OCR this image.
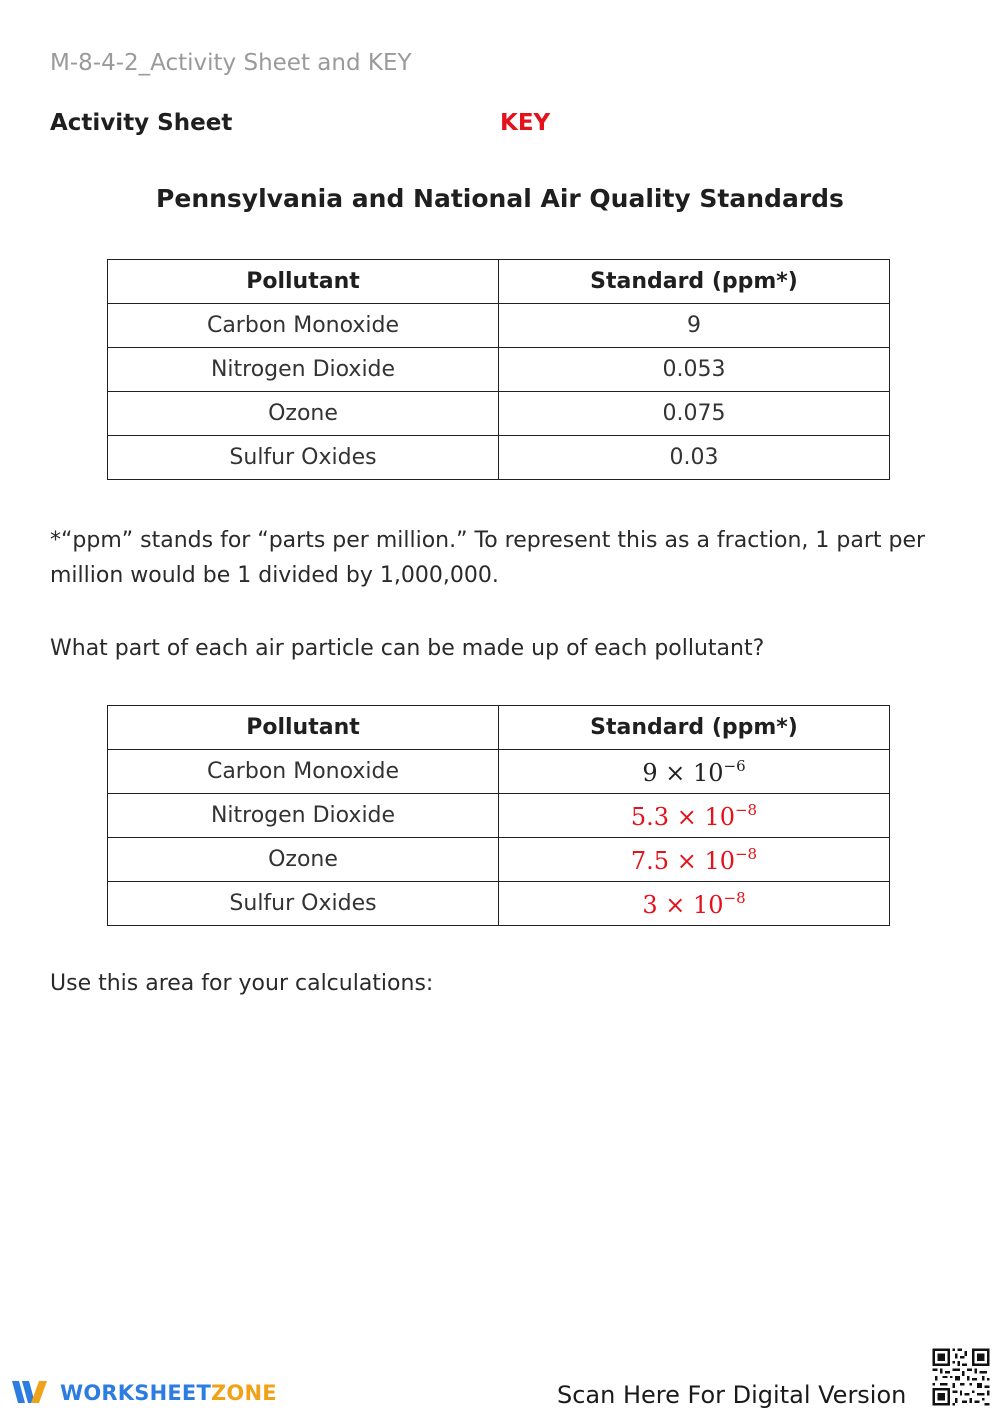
M-8-4-2_Activity Sheet and KEY
Activity Sheet	KEY
Pennsylvania and National Air Quality Standards
Pollutant	Standard (ppm*)
Carbon Monoxide	9
Nitrogen Dioxide	0.053
Ozone	0.075
Sulfur Oxides	0.03
*“ppm” stands for “parts per million.” To represent this as a fraction, 1 part per million would be 1 divided by 1,000,000.
What part of each air particle can be made up of each pollutant?
Pollutant	Standard (ppm*)
Carbon Monoxide	$9 \times 10^{-6}$
Nitrogen Dioxide	$5.3 \times 10^{-8}$
Ozone	$7.5 \times 10^{-8}$
Sulfur Oxides	$3 \times 10^{-8}$
Use this area for your calculations:
WORKSHEETZONE	Scan Here For Digital Version
